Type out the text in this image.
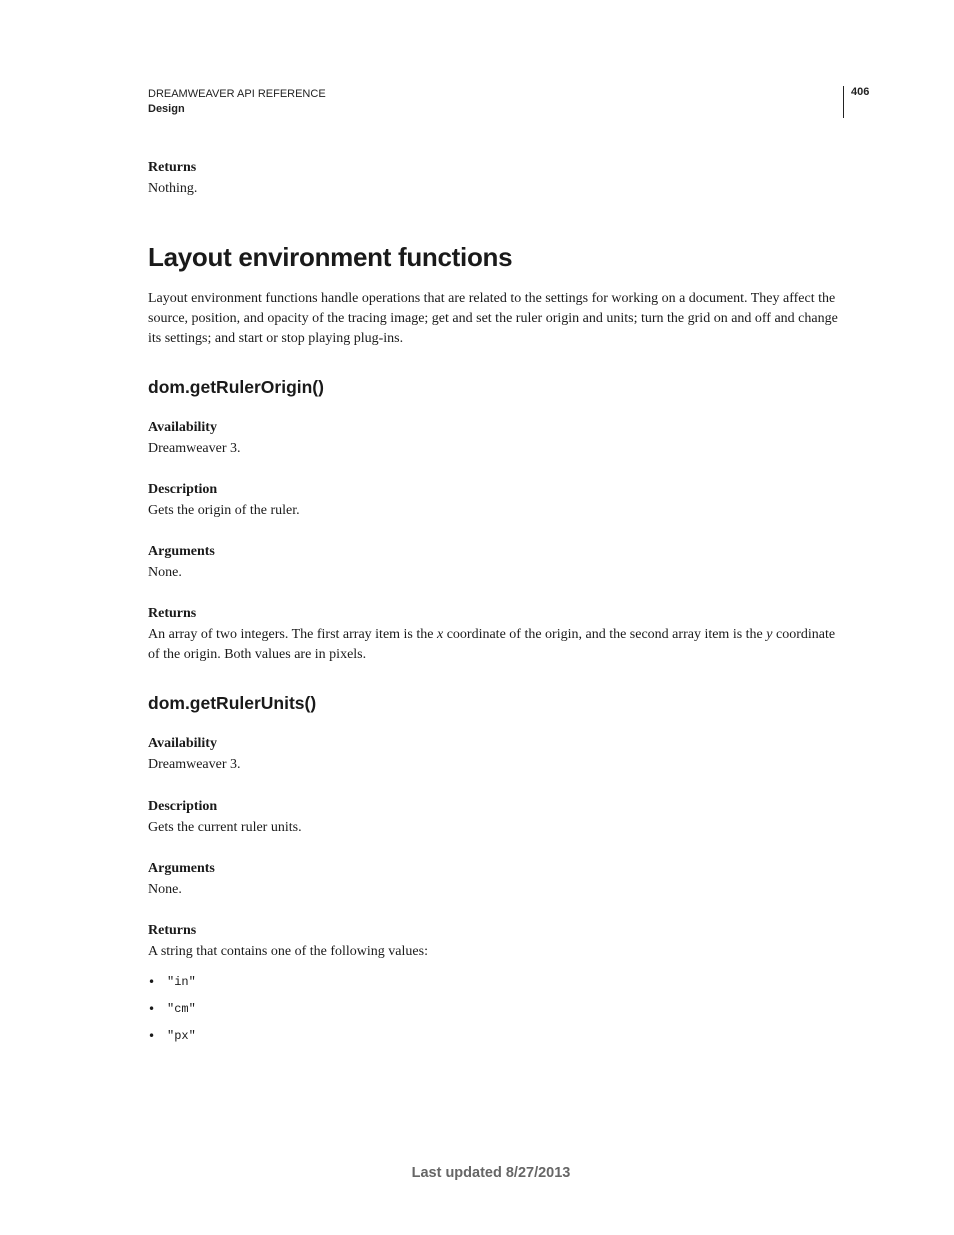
DREAMWEAVER API REFERENCE
Design
406

Returns

Nothing.

Layout environment functions

Layout environment functions handle operations that are related to the settings for working on a document. They affect the source, position, and opacity of the tracing image; get and set the ruler origin and units; turn the grid on and off and change its settings; and start or stop playing plug-ins.

dom.getRulerOrigin()

Availability

Dreamweaver 3.

Description

Gets the origin of the ruler.

Arguments

None.

Returns

An array of two integers. The first array item is the x coordinate of the origin, and the second array item is the y coordinate of the origin. Both values are in pixels.

dom.getRulerUnits()

Availability

Dreamweaver 3.

Description

Gets the current ruler units.

Arguments

None.

Returns

A string that contains one of the following values:

• "in"
• "cm"
• "px"
Last updated 8/27/2013
